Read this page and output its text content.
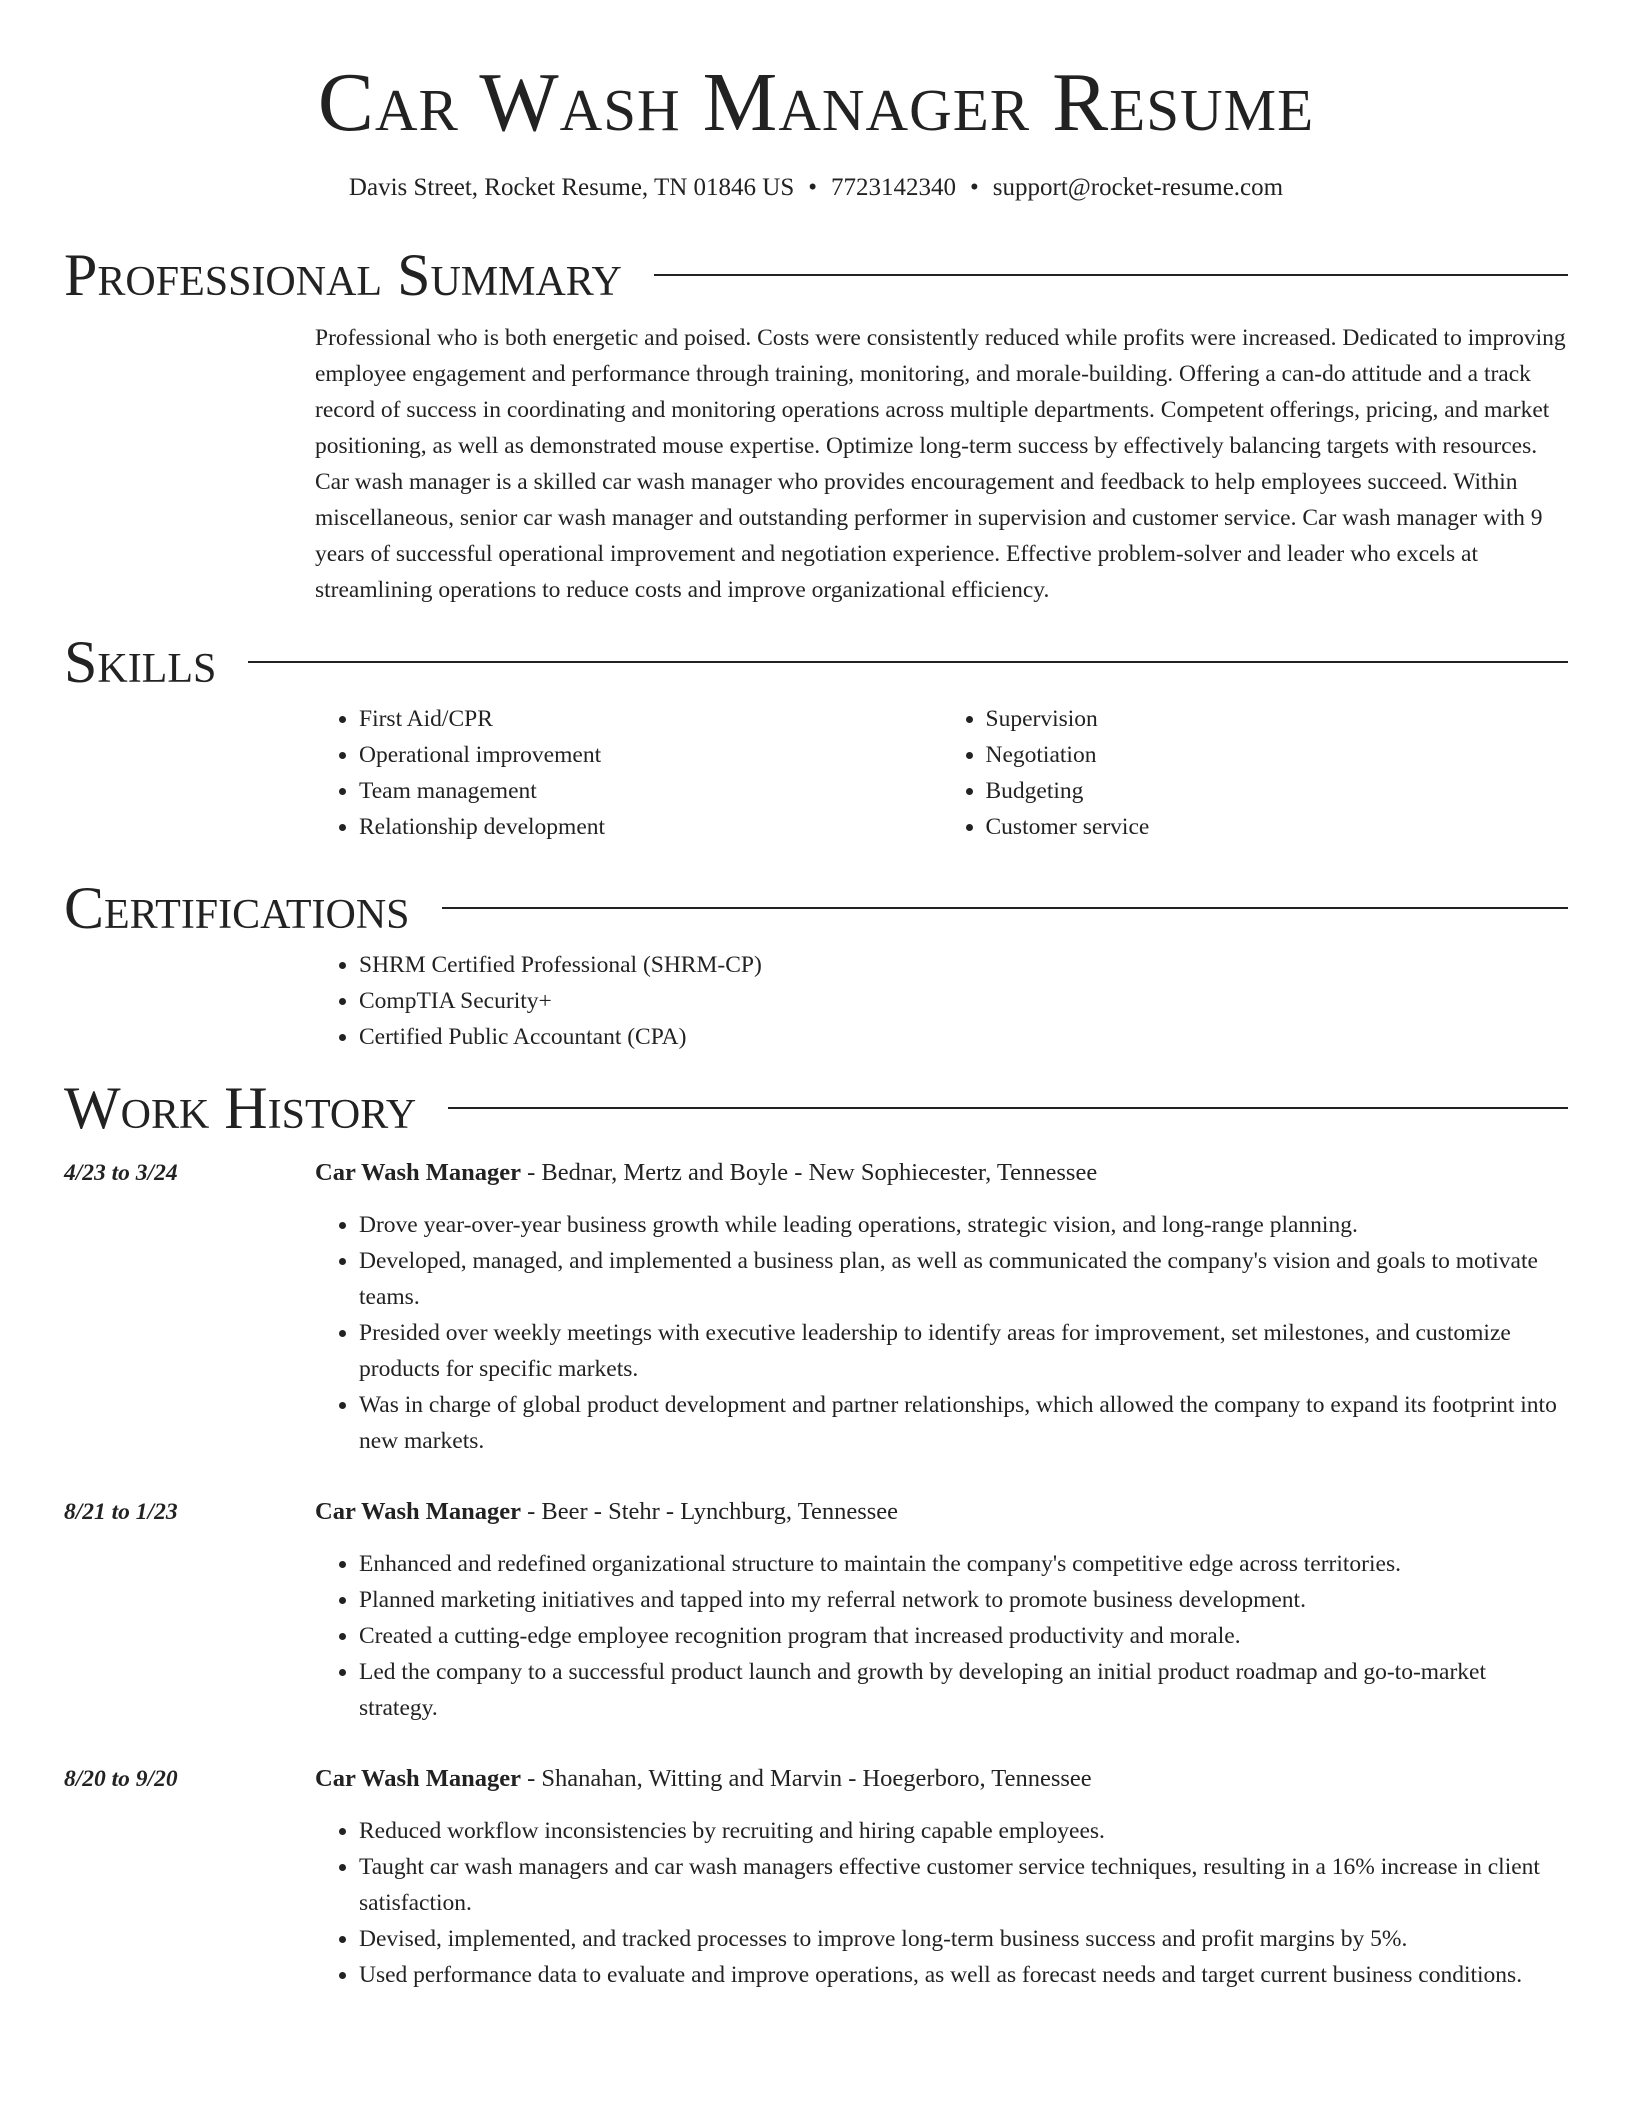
Car Wash Manager Resume
Davis Street, Rocket Resume, TN 01846 US • 7723142340 • support@rocket-resume.com
Professional Summary

Professional who is both energetic and poised. Costs were consistently reduced while profits were increased. Dedicated to improving employee engagement and performance through training, monitoring, and morale-building. Offering a can-do attitude and a track record of success in coordinating and monitoring operations across multiple departments. Competent offerings, pricing, and market positioning, as well as demonstrated mouse expertise. Optimize long-term success by effectively balancing targets with resources. Car wash manager is a skilled car wash manager who provides encouragement and feedback to help employees succeed. Within miscellaneous, senior car wash manager and outstanding performer in supervision and customer service. Car wash manager with 9 years of successful operational improvement and negotiation experience. Effective problem-solver and leader who excels at streamlining operations to reduce costs and improve organizational efficiency.

Skills
• First Aid/CPR
• Operational improvement
• Team management
• Relationship development
• Supervision
• Negotiation
• Budgeting
• Customer service
Certifications
• SHRM Certified Professional (SHRM-CP)
• CompTIA Security+
• Certified Public Accountant (CPA)
Work History
4/23 to 3/24	Car Wash Manager - Bednar, Mertz and Boyle - New Sophiecester, Tennessee
• Drove year-over-year business growth while leading operations, strategic vision, and long-range planning.
• Developed, managed, and implemented a business plan, as well as communicated the company's vision and goals to motivate teams.
• Presided over weekly meetings with executive leadership to identify areas for improvement, set milestones, and customize products for specific markets.
• Was in charge of global product development and partner relationships, which allowed the company to expand its footprint into new markets.
8/21 to 1/23	Car Wash Manager - Beer - Stehr - Lynchburg, Tennessee
• Enhanced and redefined organizational structure to maintain the company's competitive edge across territories.
• Planned marketing initiatives and tapped into my referral network to promote business development.
• Created a cutting-edge employee recognition program that increased productivity and morale.
• Led the company to a successful product launch and growth by developing an initial product roadmap and go-to-market strategy.
8/20 to 9/20	Car Wash Manager - Shanahan, Witting and Marvin - Hoegerboro, Tennessee
• Reduced workflow inconsistencies by recruiting and hiring capable employees.
• Taught car wash managers and car wash managers effective customer service techniques, resulting in a 16% increase in client satisfaction.
• Devised, implemented, and tracked processes to improve long-term business success and profit margins by 5%.
• Used performance data to evaluate and improve operations, as well as forecast needs and target current business conditions.
